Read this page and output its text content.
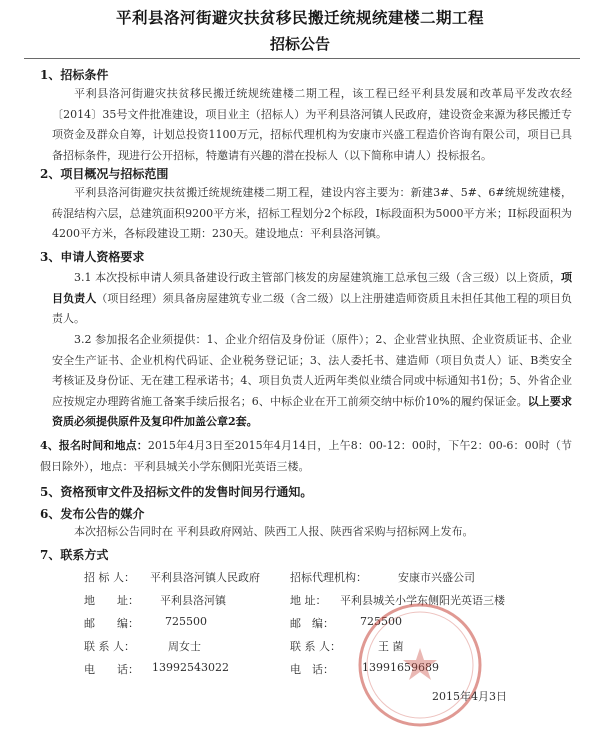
平利县洛河街避灾扶贫移民搬迁统规统建楼二期工程
招标公告
1、招标条件

平利县洛河街避灾扶贫移民搬迁统规统建楼二期工程，该工程已经平利县发展和改革局平发改农经〔2014〕35号文件批准建设，项目业主（招标人）为平利县洛河镇人民政府，建设资金来源为移民搬迁专项资金及群众自筹，计划总投资1100万元，招标代理机构为安康市兴盛工程造价咨询有限公司，项目已具备招标条件，现进行公开招标，特邀请有兴趣的潜在投标人（以下简称申请人）投标报名。

2、项目概况与招标范围

平利县洛河街避灾扶贫搬迁统规统建楼二期工程，建设内容主要为：新建3#、5#、6#统规统建楼，砖混结构六层，总建筑面积9200平方米，招标工程划分2个标段，I标段面积为5000平方米；II标段面积为4200平方米，各标段建设工期：230天。建设地点：平利县洛河镇。

3、申请人资格要求

3.1 本次投标申请人须具备建设行政主管部门核发的房屋建筑施工总承包三级（含三级）以上资质，项目负责人（项目经理）须具备房屋建筑专业二级（含二级）以上注册建造师资质且未担任其他工程的项目负责人。

3.2 参加报名企业须提供：1、企业介绍信及身份证（原件）；2、企业营业执照、企业资质证书、企业安全生产证书、企业机构代码证、企业税务登记证；3、法人委托书、建造师（项目负责人）证、B类安全考核证及身份证、无在建工程承诺书；4、项目负责人近两年类似业绩合同或中标通知书1份；5、外省企业应按规定办理跨省施工备案手续后报名；6、中标企业在开工前须交纳中标价10%的履约保证金。以上要求资质必须提供原件及复印件加盖公章2套。

4、报名时间和地点：2015年4月3日至2015年4月14日，上午8：00-12：00时，下午2：00-6：00时（节假日除外），地点：平利县城关小学东侧阳光英语三楼。

5、资格预审文件及招标文件的发售时间另行通知。
6、发布公告的媒介

本次招标公告同时在 平利县政府网站、陕西工人报、陕西省采购与招标网上发布。

7、联系方式
招 标 人： 平利县洛河镇人民政府	招标代理机构：	安康市兴盛公司
地　　址： 平利县洛河镇	地 址： 平利县城关小学东侧阳光英语三楼
邮　　编： 725500	邮　编： 725500
联 系 人：	周女士	联 系 人：	王 菌
电　　话： 13992543022	电　话：	13991659689
2015年4月3日
